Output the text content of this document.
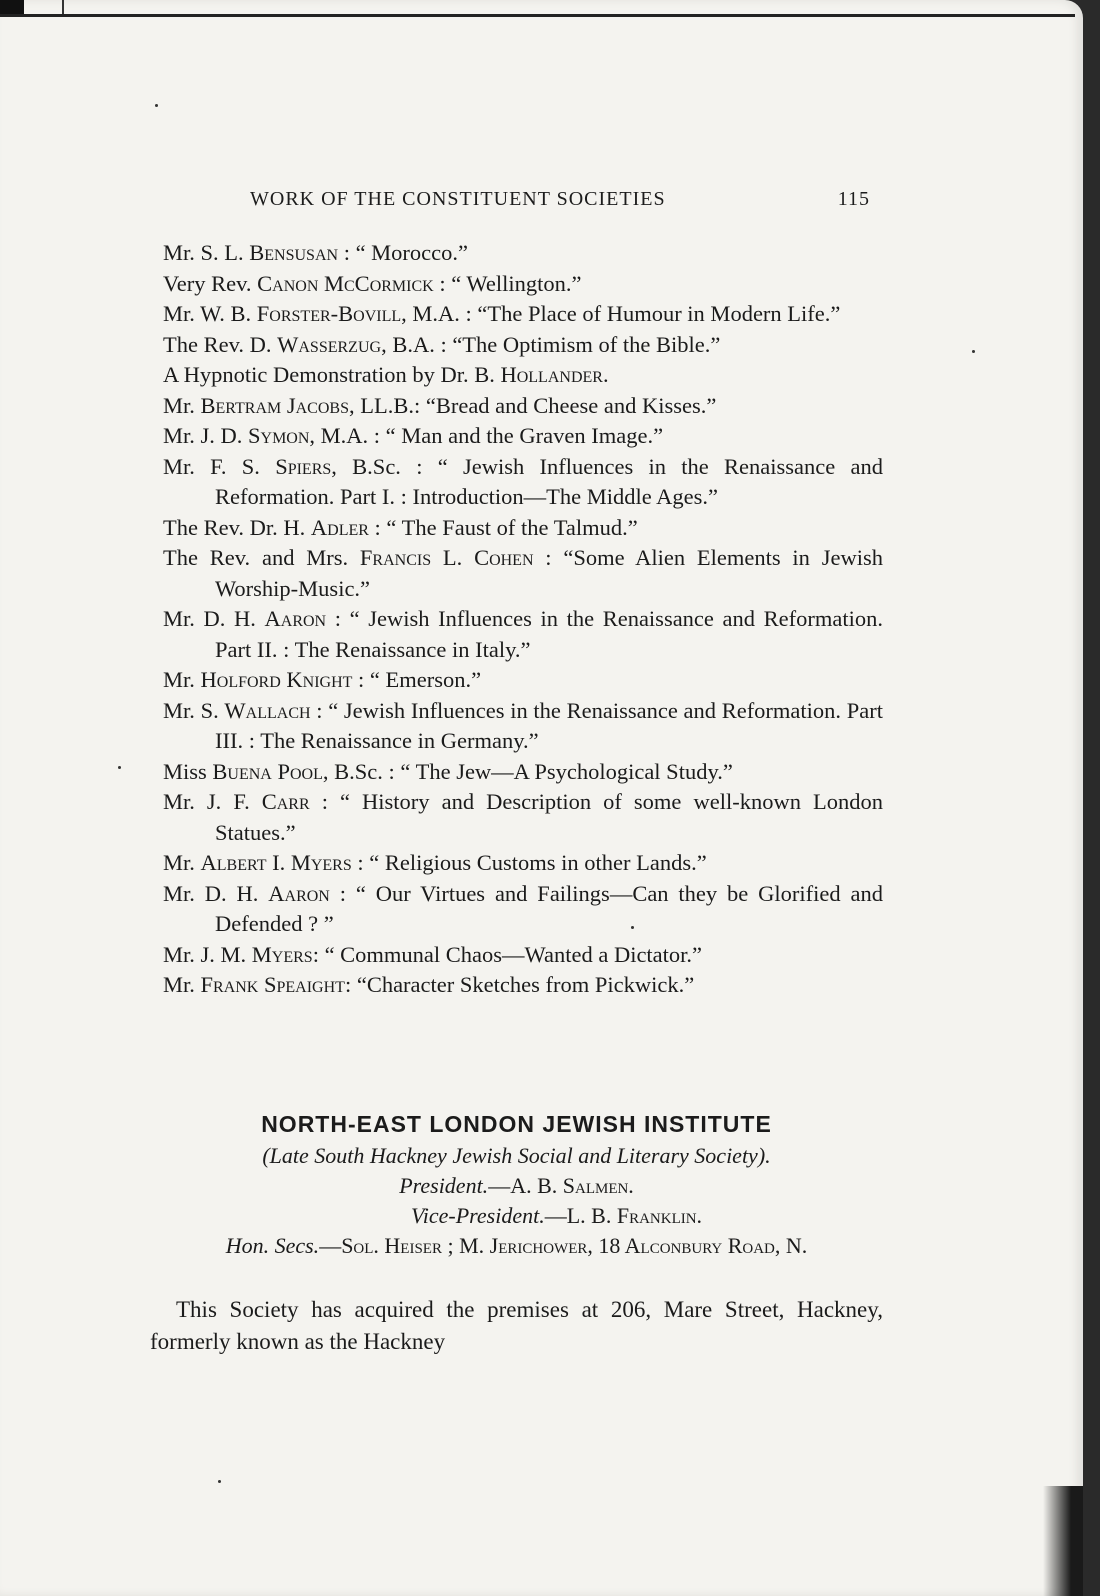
WORK OF THE CONSTITUENT SOCIETIES	115
Mr. S. L. Bensusan : “ Morocco.”
Very Rev. Canon McCormick : “ Wellington.”
Mr. W. B. Forster-Bovill, M.A. : “The Place of Humour in Modern Life.”
The Rev. D. Wasserzug, B.A. : “The Optimism of the Bible.”
A Hypnotic Demonstration by Dr. B. Hollander.
Mr. Bertram Jacobs, LL.B.: “Bread and Cheese and Kisses.”
Mr. J. D. Symon, M.A. : “ Man and the Graven Image.”
Mr. F. S. Spiers, B.Sc. : “ Jewish Influences in the Renaissance and Reformation. Part I. : Introduction—The Middle Ages.”
The Rev. Dr. H. Adler : “ The Faust of the Talmud.”
The Rev. and Mrs. Francis L. Cohen : “Some Alien Elements in Jewish Worship-Music.”
Mr. D. H. Aaron : “ Jewish Influences in the Renaissance and Reformation. Part II. : The Renaissance in Italy.”
Mr. Holford Knight : “ Emerson.”
Mr. S. Wallach : “ Jewish Influences in the Renaissance and Reformation. Part III. : The Renaissance in Germany.”
Miss Buena Pool, B.Sc. : “ The Jew—A Psychological Study.”
Mr. J. F. Carr : “ History and Description of some well-known London Statues.”
Mr. Albert I. Myers : “ Religious Customs in other Lands.”
Mr. D. H. Aaron : “ Our Virtues and Failings—Can they be Glorified and Defended ? ”
Mr. J. M. Myers: “ Communal Chaos—Wanted a Dictator.”
Mr. Frank Speaight: “Character Sketches from Pickwick.”
NORTH-EAST LONDON JEWISH INSTITUTE
(Late South Hackney Jewish Social and Literary Society).
President.—A. B. Salmen.
Vice-President.—L. B. Franklin.
Hon. Secs.—Sol. Heiser ; M. Jerichower, 18 Alconbury Road, N.
This Society has acquired the premises at 206, Mare Street, Hackney, formerly known as the Hackney
